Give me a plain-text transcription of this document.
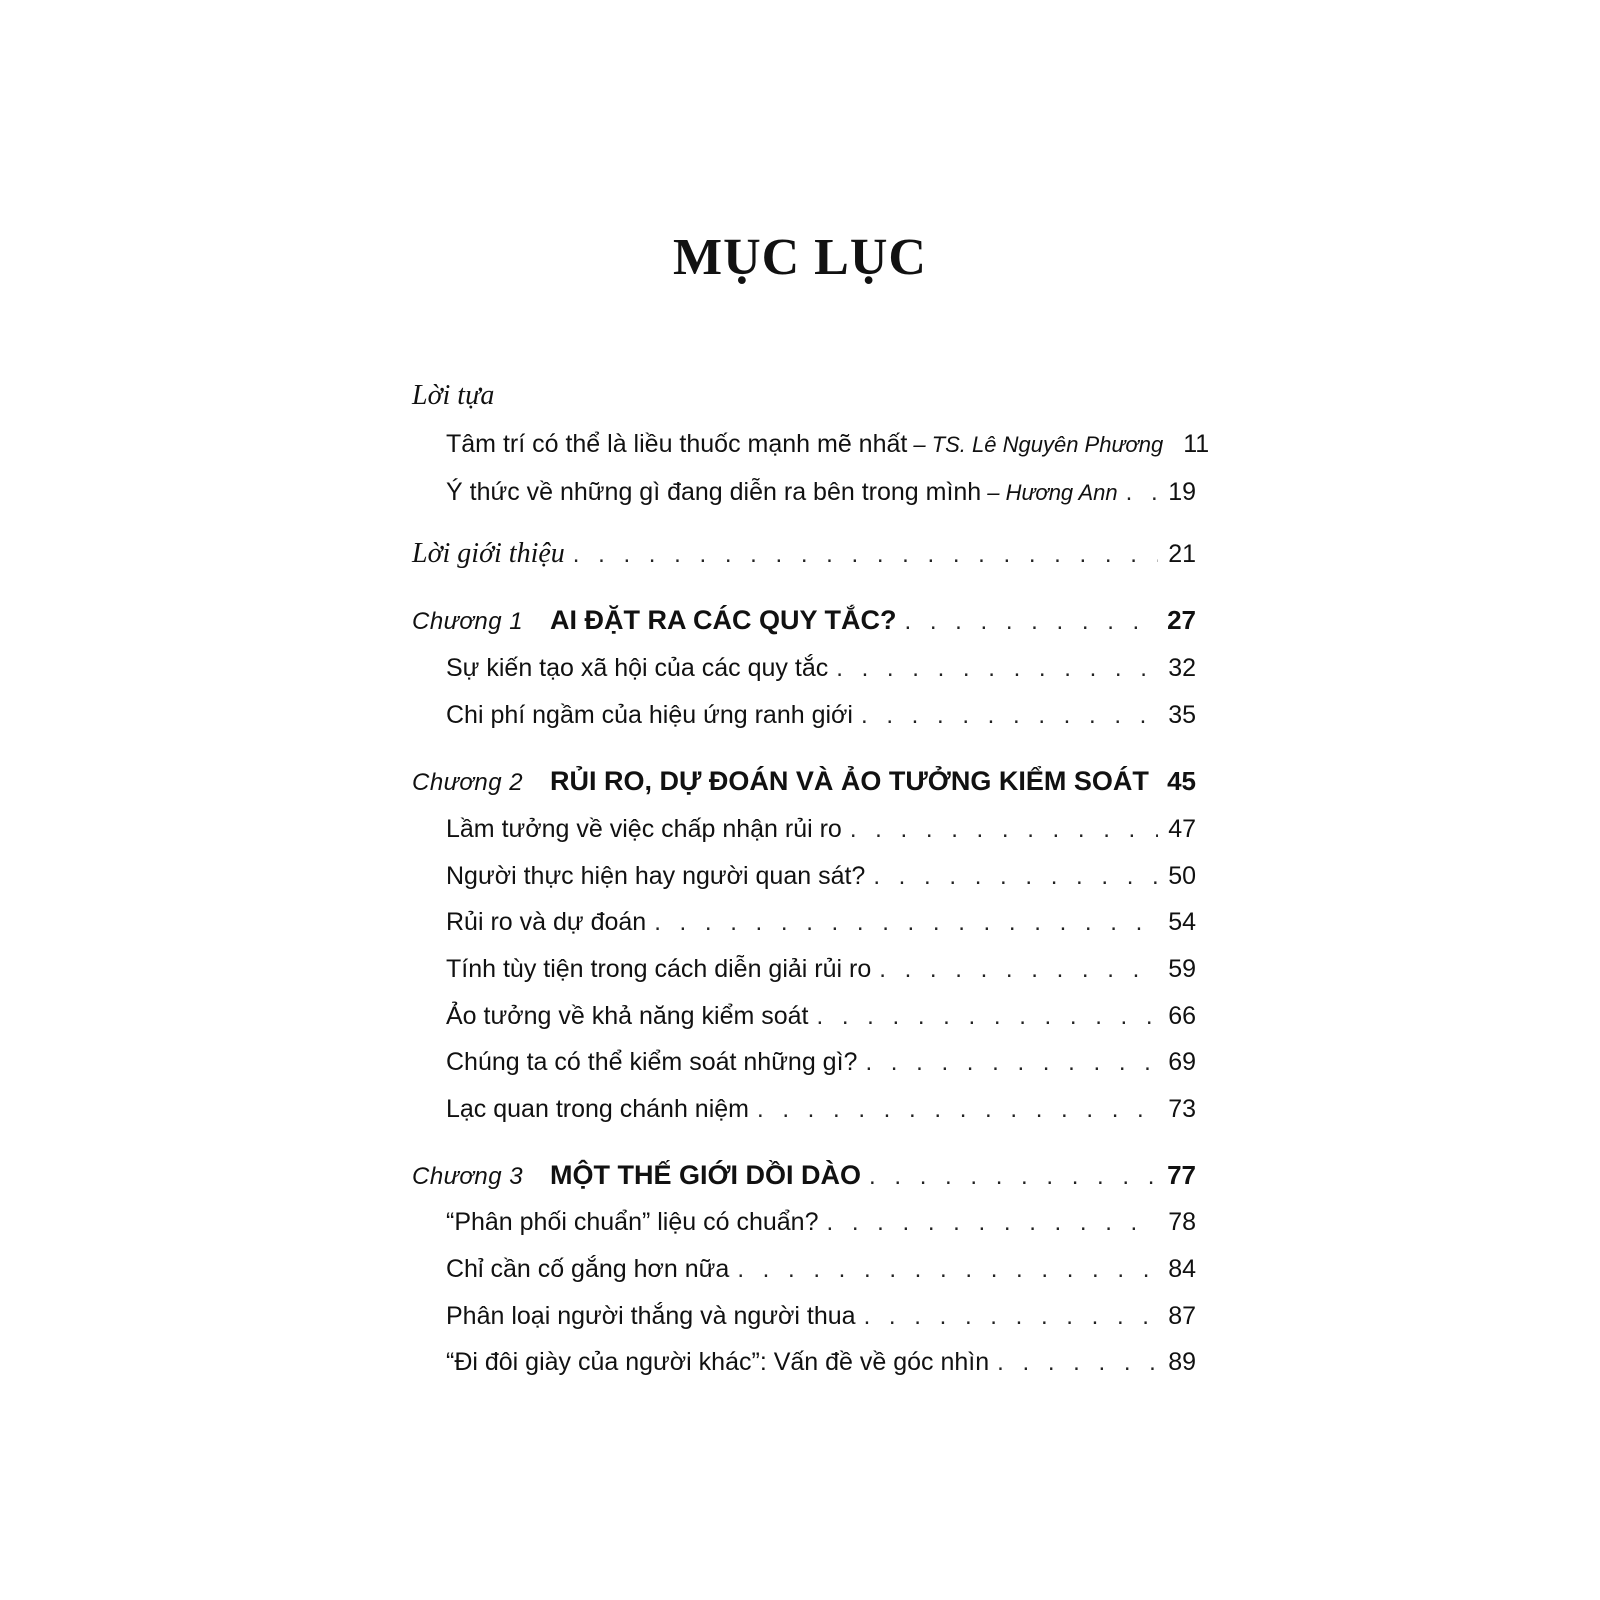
MỤC LỤC
Lời tựa
Tâm trí có thể là liều thuốc mạnh mẽ nhất – TS. Lê Nguyên Phương 11
Ý thức về những gì đang diễn ra bên trong mình – Hương Ann . . . 19
Lời giới thiệu . . .	21
Chương 1 AI ĐẶT RA CÁC QUY TẮC? . . .	27
Sự kiến tạo xã hội của các quy tắc . . .	32
Chi phí ngầm của hiệu ứng ranh giới . . .	35
Chương 2 RỦI RO, DỰ ĐOÁN VÀ ẢO TƯỞNG KIỂM SOÁT . . . 45
Lầm tưởng về việc chấp nhận rủi ro . . .	47
Người thực hiện hay người quan sát? . . .	50
Rủi ro và dự đoán . . .	54
Tính tùy tiện trong cách diễn giải rủi ro . . .	59
Ảo tưởng về khả năng kiểm soát . . .	66
Chúng ta có thể kiểm soát những gì? . . .	69
Lạc quan trong chánh niệm . . .	73
Chương 3 MỘT THẾ GIỚI DỒI DÀO . . .	77
“Phân phối chuẩn” liệu có chuẩn? . . .	78
Chỉ cần cố gắng hơn nữa . . .	84
Phân loại người thắng và người thua . . .	87
“Đi đôi giày của người khác”: Vấn đề về góc nhìn . . .	89
